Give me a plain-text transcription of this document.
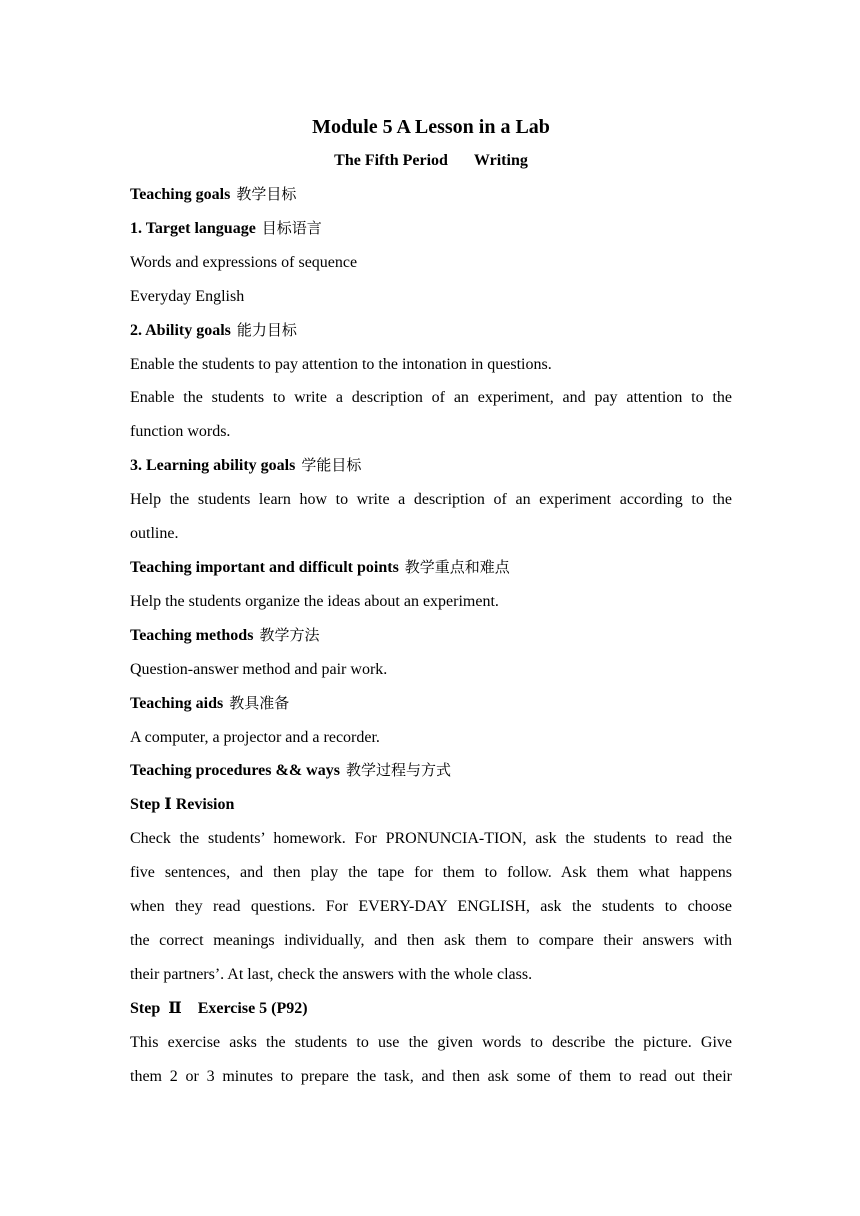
Module 5 A Lesson in a Lab

The Fifth Period Writing

Teaching goals 教学目标

1. Target language 目标语言

Words and expressions of sequence

Everyday English

2. Ability goals 能力目标

Enable the students to pay attention to the intonation in questions.

Enable the students to write a description of an experiment, and pay attention to the

function words.

3. Learning ability goals 学能目标

Help the students learn how to write a description of an experiment according to the

outline.

Teaching important and difficult points 教学重点和难点

Help the students organize the ideas about an experiment.

Teaching methods 教学方法

Question-answer method and pair work.

Teaching aids 教具准备

A computer, a projector and a recorder.

Teaching procedures && ways 教学过程与方式

Step Ⅰ Revision

Check the students’ homework. For PRONUNCIA-TION, ask the students to read the

five sentences, and then play the tape for them to follow. Ask them what happens

when they read questions. For EVERY-DAY ENGLISH, ask the students to choose

the correct meanings individually, and then ask them to compare their answers with

their partners’. At last, check the answers with the whole class.

Step  Ⅱ    Exercise 5 (P92)

This exercise asks the students to use the given words to describe the picture. Give

them 2 or 3 minutes to prepare the task, and then ask some of them to read out their
